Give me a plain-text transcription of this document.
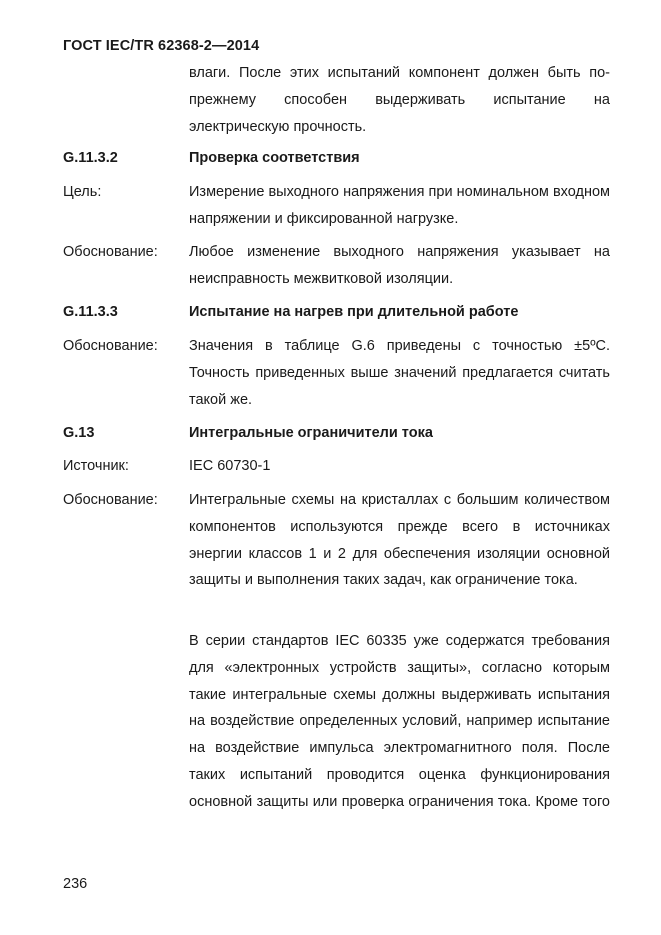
ГОСТ IEC/TR 62368-2—2014
влаги. После этих испытаний компонент должен быть по-прежнему способен выдерживать испытание на электрическую прочность.
G.11.3.2	Проверка соответствия
Цель:	Измерение выходного напряжения при номинальном входном напряжении и фиксированной нагрузке.
Обоснование: Любое изменение выходного напряжения указывает на неисправность межвитковой изоляции.
G.11.3.3	Испытание на нагрев при длительной работе
Обоснование: Значения в таблице G.6 приведены с точностью ±5ºС. Точность приведенных выше значений предлагается считать такой же.
G.13	Интегральные ограничители тока
Источник:	IEC 60730-1
Обоснование: Интегральные схемы на кристаллах с большим количеством компонентов используются прежде всего в источниках энергии классов 1 и 2 для обеспечения изоляции основной защиты и выполнения таких задач, как ограничение тока.
В серии стандартов IEC 60335 уже содержатся требования для «электронных устройств защиты», согласно которым такие интегральные схемы должны выдерживать испытания на воздействие определенных условий, например испытание на воздействие импульса электромагнитного поля. После таких испытаний проводится оценка функционирования основной защиты или проверка ограничения тока. Кроме того
236
